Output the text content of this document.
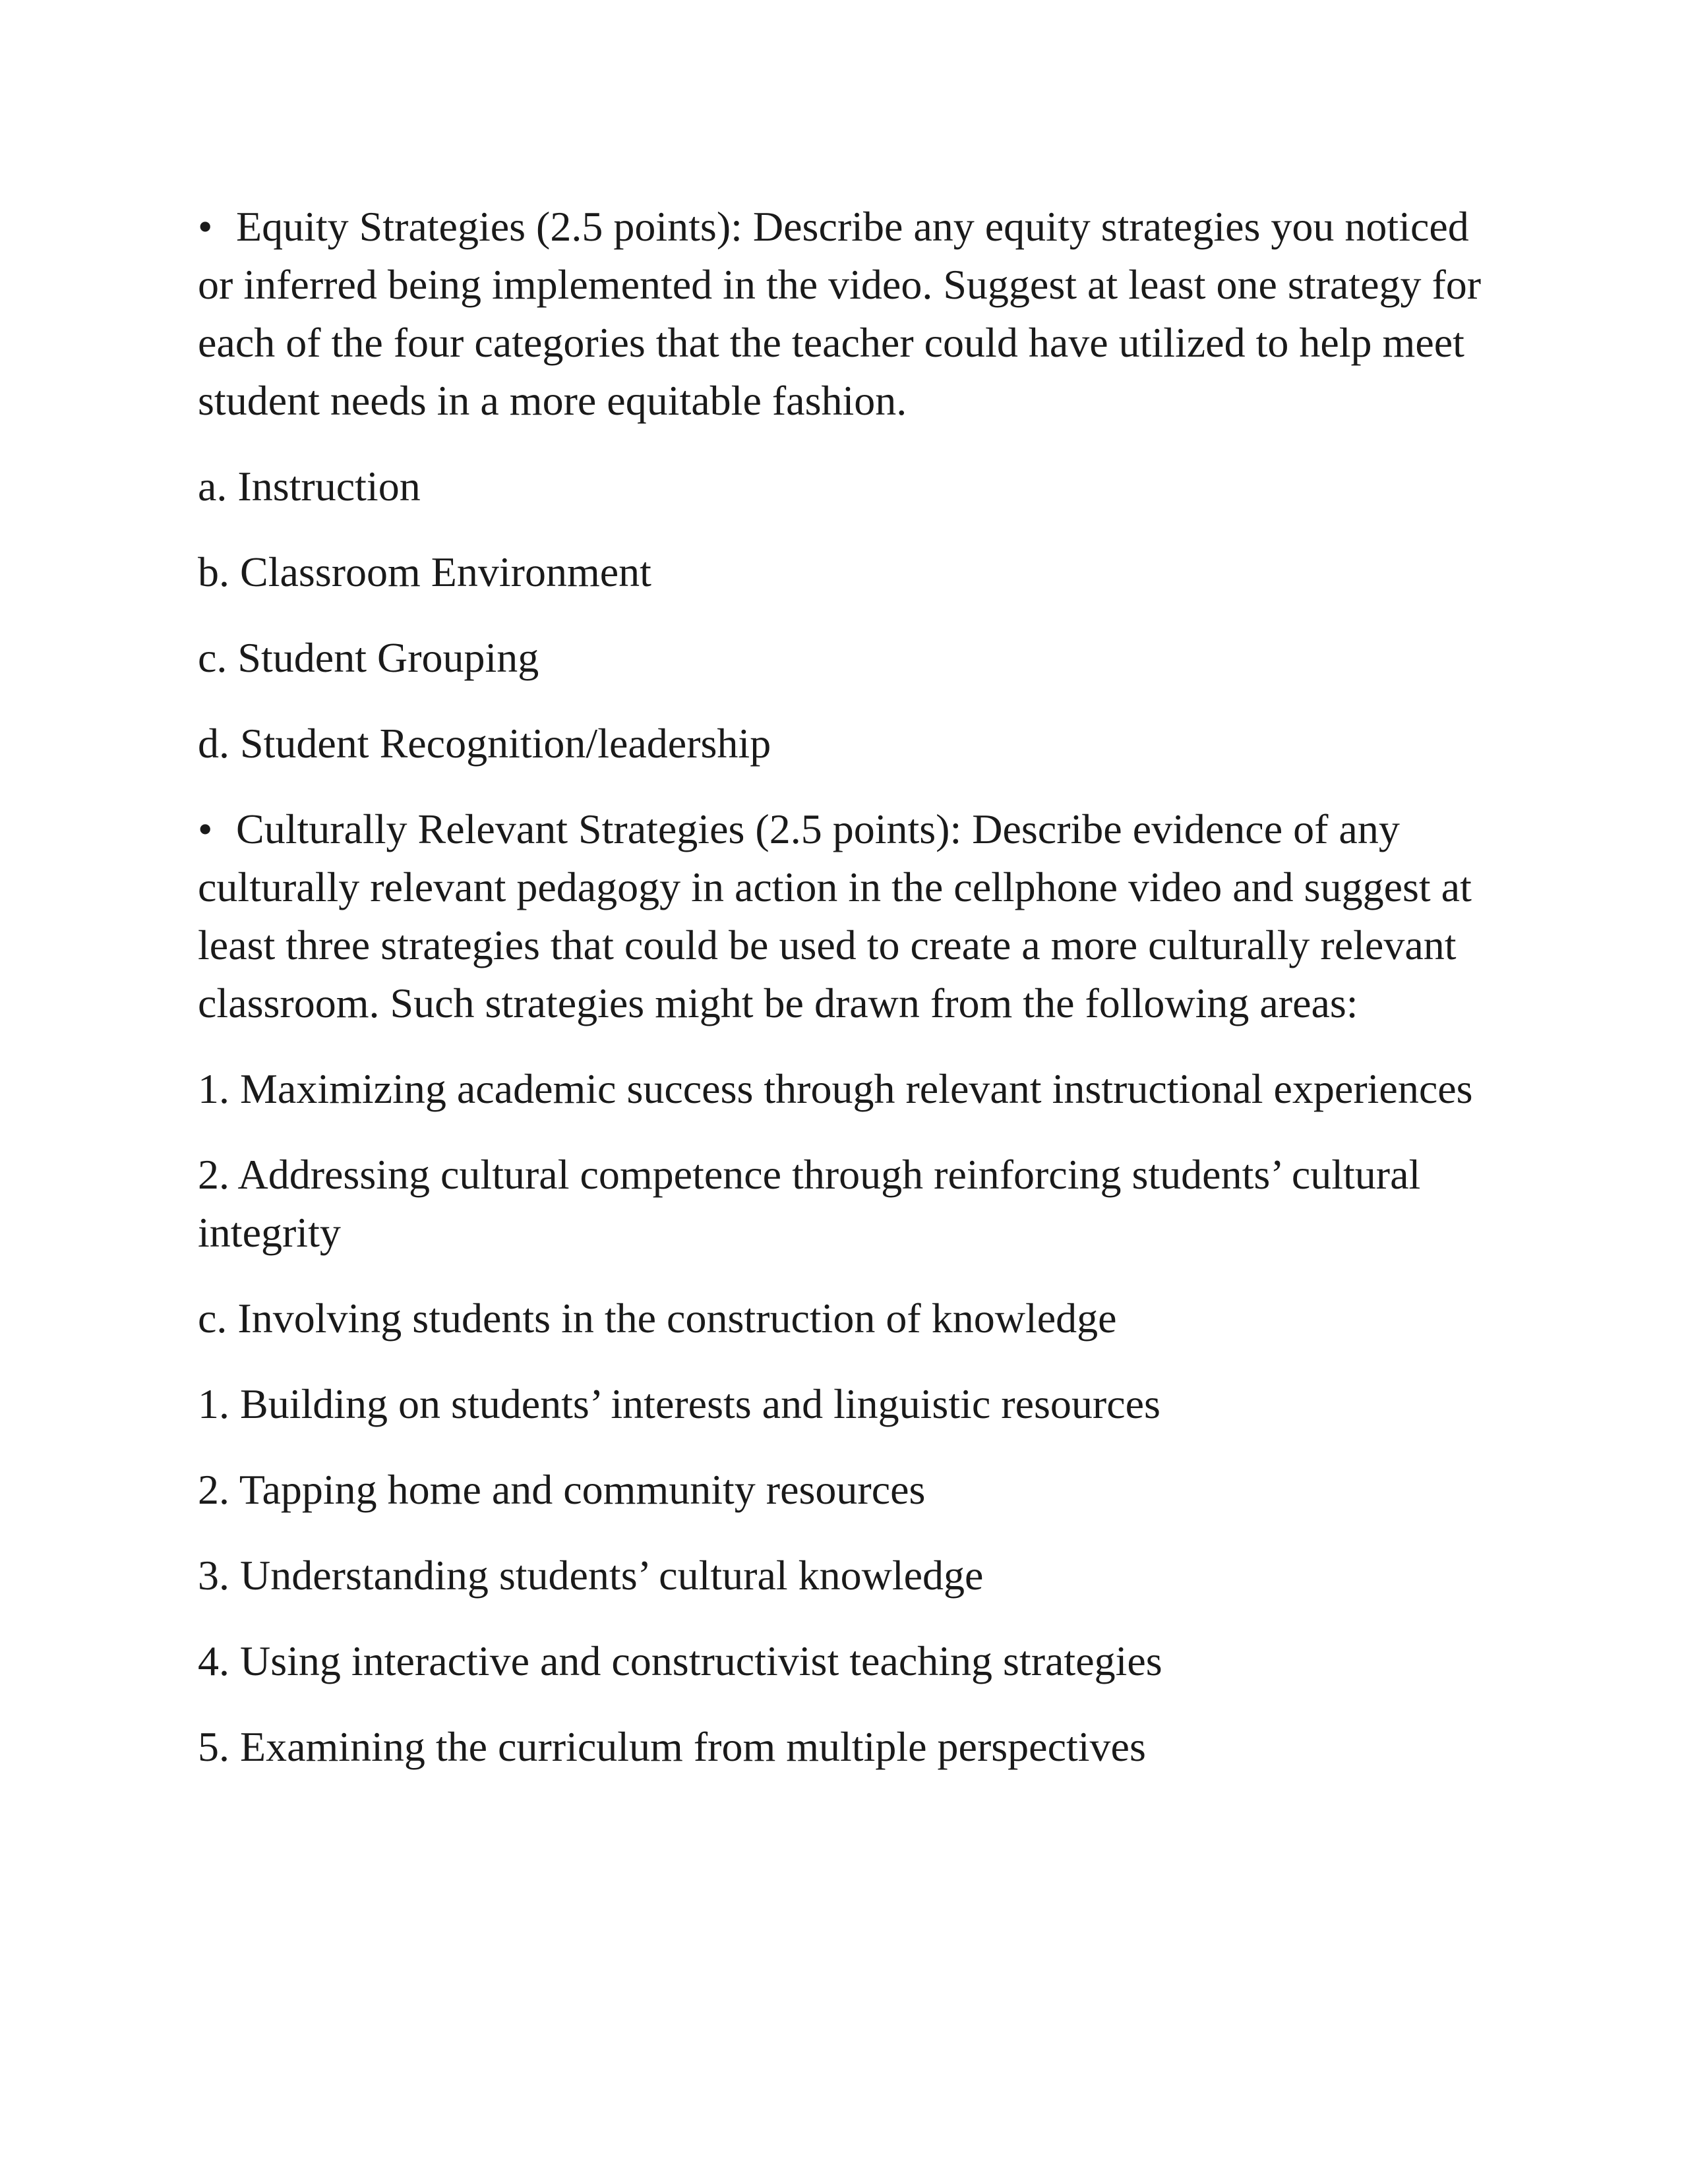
• Equity Strategies (2.5 points): Describe any equity strategies you noticed or inferred being implemented in the video. Suggest at least one strategy for each of the four categories that the teacher could have utilized to help meet student needs in a more equitable fashion.

a. Instruction

b. Classroom Environment

c. Student Grouping

d. Student Recognition/leadership

• Culturally Relevant Strategies (2.5 points): Describe evidence of any culturally relevant pedagogy in action in the cellphone video and suggest at least three strategies that could be used to create a more culturally relevant classroom. Such strategies might be drawn from the following areas:

1. Maximizing academic success through relevant instructional experiences

2. Addressing cultural competence through reinforcing students’ cultural integrity

c. Involving students in the construction of knowledge

1. Building on students’ interests and linguistic resources

2. Tapping home and community resources

3. Understanding students’ cultural knowledge

4. Using interactive and constructivist teaching strategies

5. Examining the curriculum from multiple perspectives
